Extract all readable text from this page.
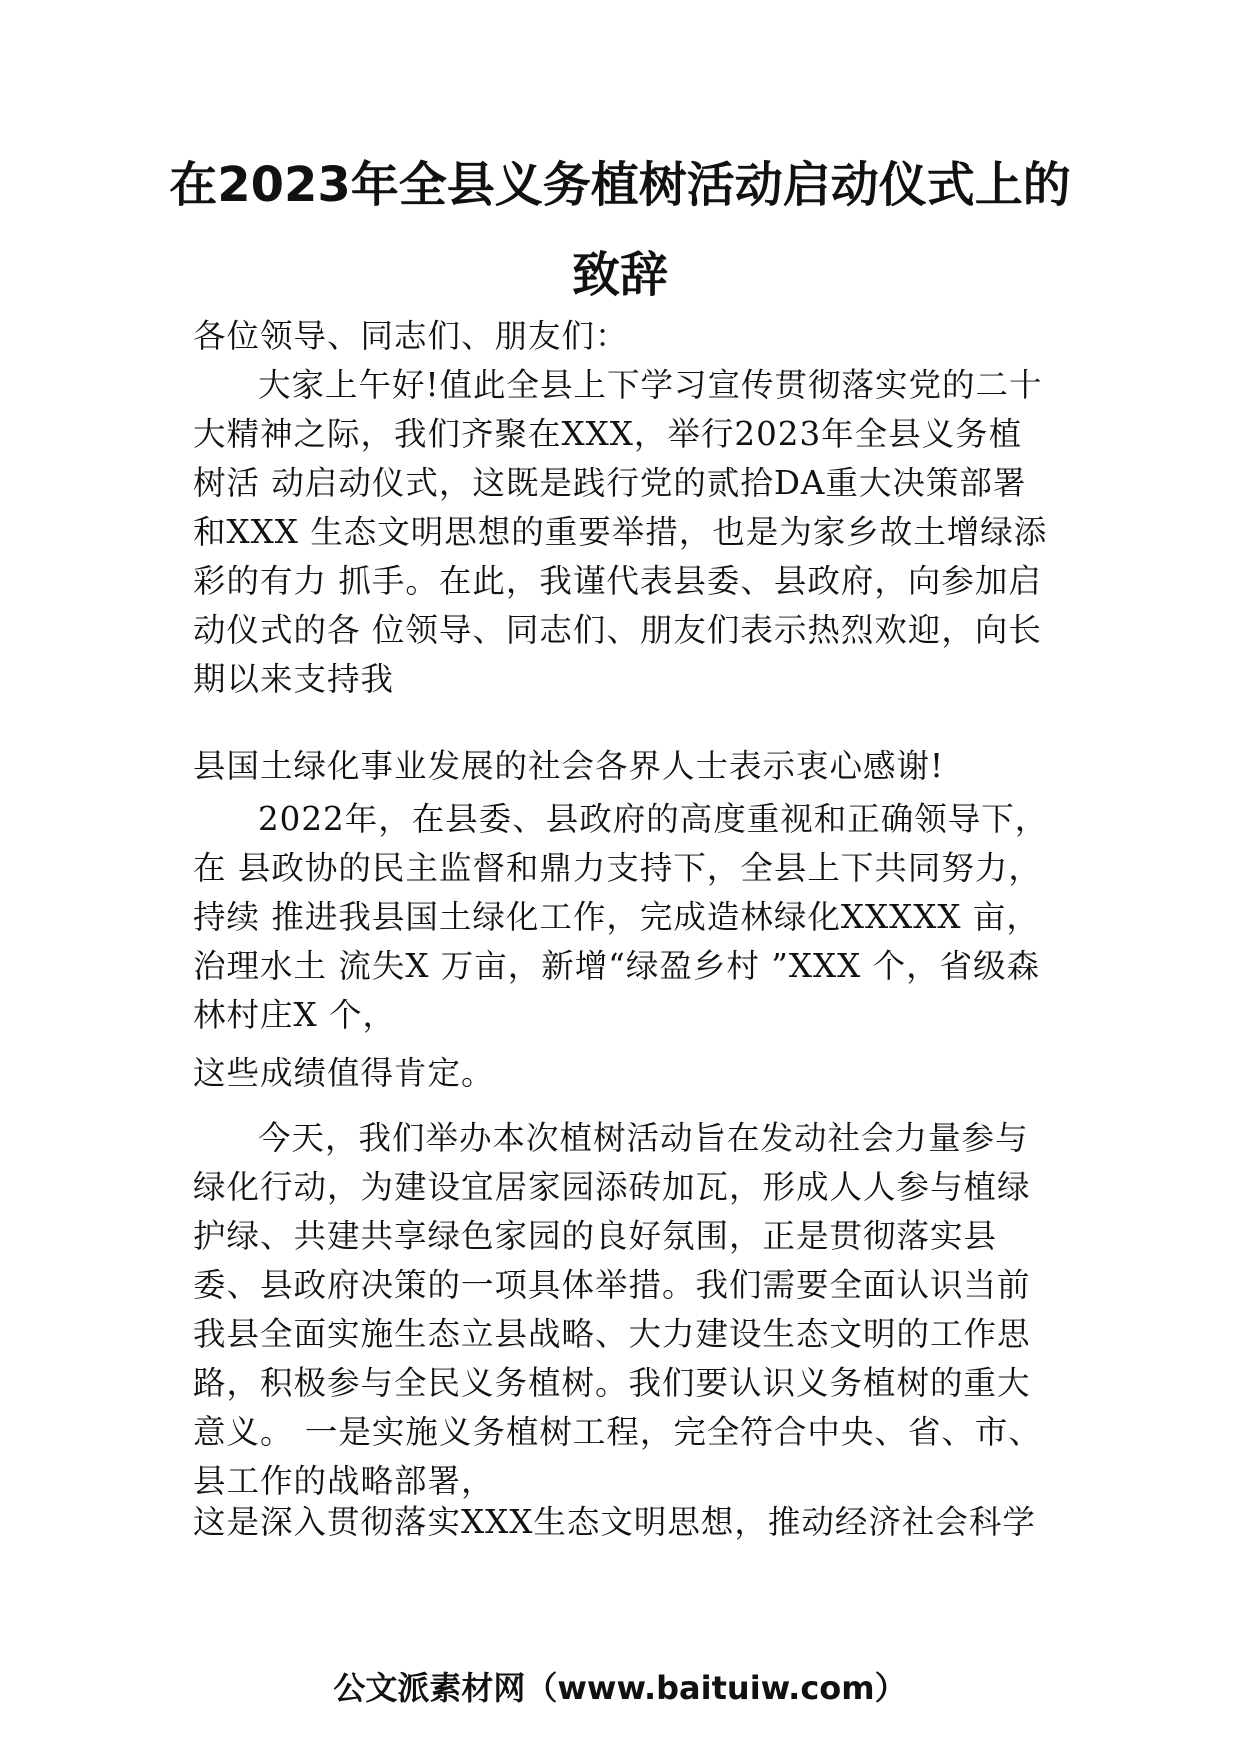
在2023年全县义务植树活动启动仪式上的
致辞

各位领导、同志们、朋友们：

大家上午好!值此全县上下学习宣传贯彻落实党的二十大精神之际，我们齐聚在XXX，举行2023年全县义务植树活 动启动仪式，这既是践行党的贰拾DA重大决策部署和XXX 生态文明思想的重要举措，也是为家乡故土增绿添彩的有力 抓手。在此，我谨代表县委、县政府，向参加启动仪式的各 位领导、同志们、朋友们表示热烈欢迎，向长期以来支持我

县国土绿化事业发展的社会各界人士表示衷心感谢!

2022年，在县委、县政府的高度重视和正确领导下，在 县政协的民主监督和鼎力支持下，全县上下共同努力，持续 推进我县国土绿化工作，完成造林绿化XXXXX 亩，治理水土 流失X 万亩，新增“绿盈乡村 ”XXX 个，省级森林村庄X 个，

这些成绩值得肯定。

今天，我们举办本次植树活动旨在发动社会力量参与绿化行动，为建设宜居家园添砖加瓦，形成人人参与植绿护绿、共建共享绿色家园的良好氛围，正是贯彻落实县委、县政府决策的一项具体举措。我们需要全面认识当前我县全面实施生态立县战略、大力建设生态文明的工作思路，积极参与全民义务植树。我们要认识义务植树的重大意义。 一是实施义务植树工程，完全符合中央、省、市、县工作的战略部署，

这是深入贯彻落实XXX生态文明思想，推动经济社会科学

公文派素材网（www.baituiw.com）
